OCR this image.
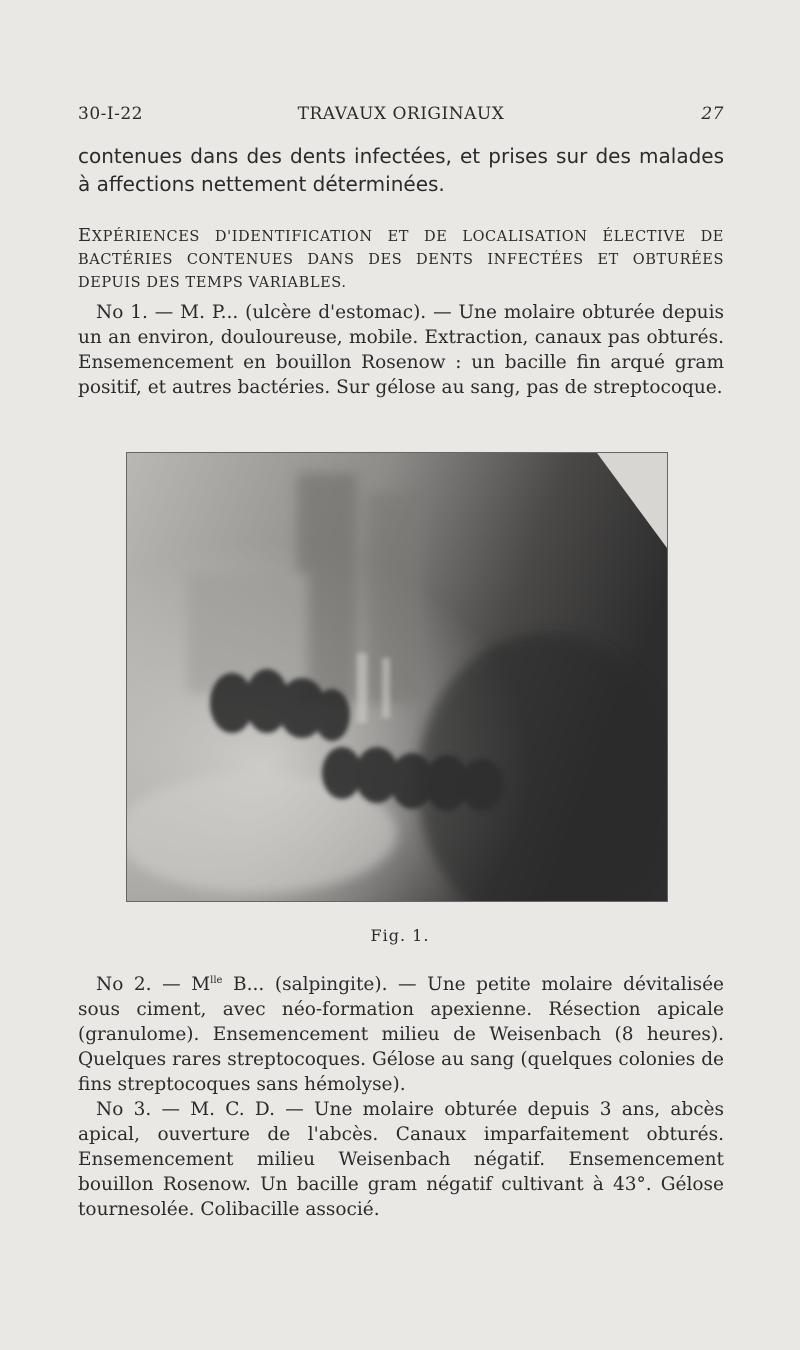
30-I-22	TRAVAUX ORIGINAUX	27

contenues dans des dents infectées, et prises sur des malades à affections nettement déterminées.

EXPÉRIENCES D'IDENTIFICATION ET DE LOCALISATION ÉLECTIVE DE BACTÉRIES CONTENUES DANS DES DENTS INFECTÉES ET OBTURÉES DEPUIS DES TEMPS VARIABLES.

No 1. — M. P... (ulcère d'estomac). — Une molaire obturée depuis un an environ, douloureuse, mobile. Extraction, canaux pas obturés. Ensemencement en bouillon Rosenow : un bacille fin arqué gram positif, et autres bactéries. Sur gélose au sang, pas de streptocoque.

Fig. 1.

No 2. — $M^{lle}$ B... (salpingite). — Une petite molaire dévitalisée sous ciment, avec néo-formation apexienne. Résection apicale (granulome). Ensemencement milieu de Weisenbach (8 heures). Quelques rares streptocoques. Gélose au sang (quelques colonies de fins streptocoques sans hémolyse).

No 3. — M. C. D. — Une molaire obturée depuis 3 ans, abcès apical, ouverture de l'abcès. Canaux imparfaitement obturés. Ensemencement milieu Weisenbach négatif. Ensemencement bouillon Rosenow. Un bacille gram négatif cultivant à 43°. Gélose tournesolée. Colibacille associé.
